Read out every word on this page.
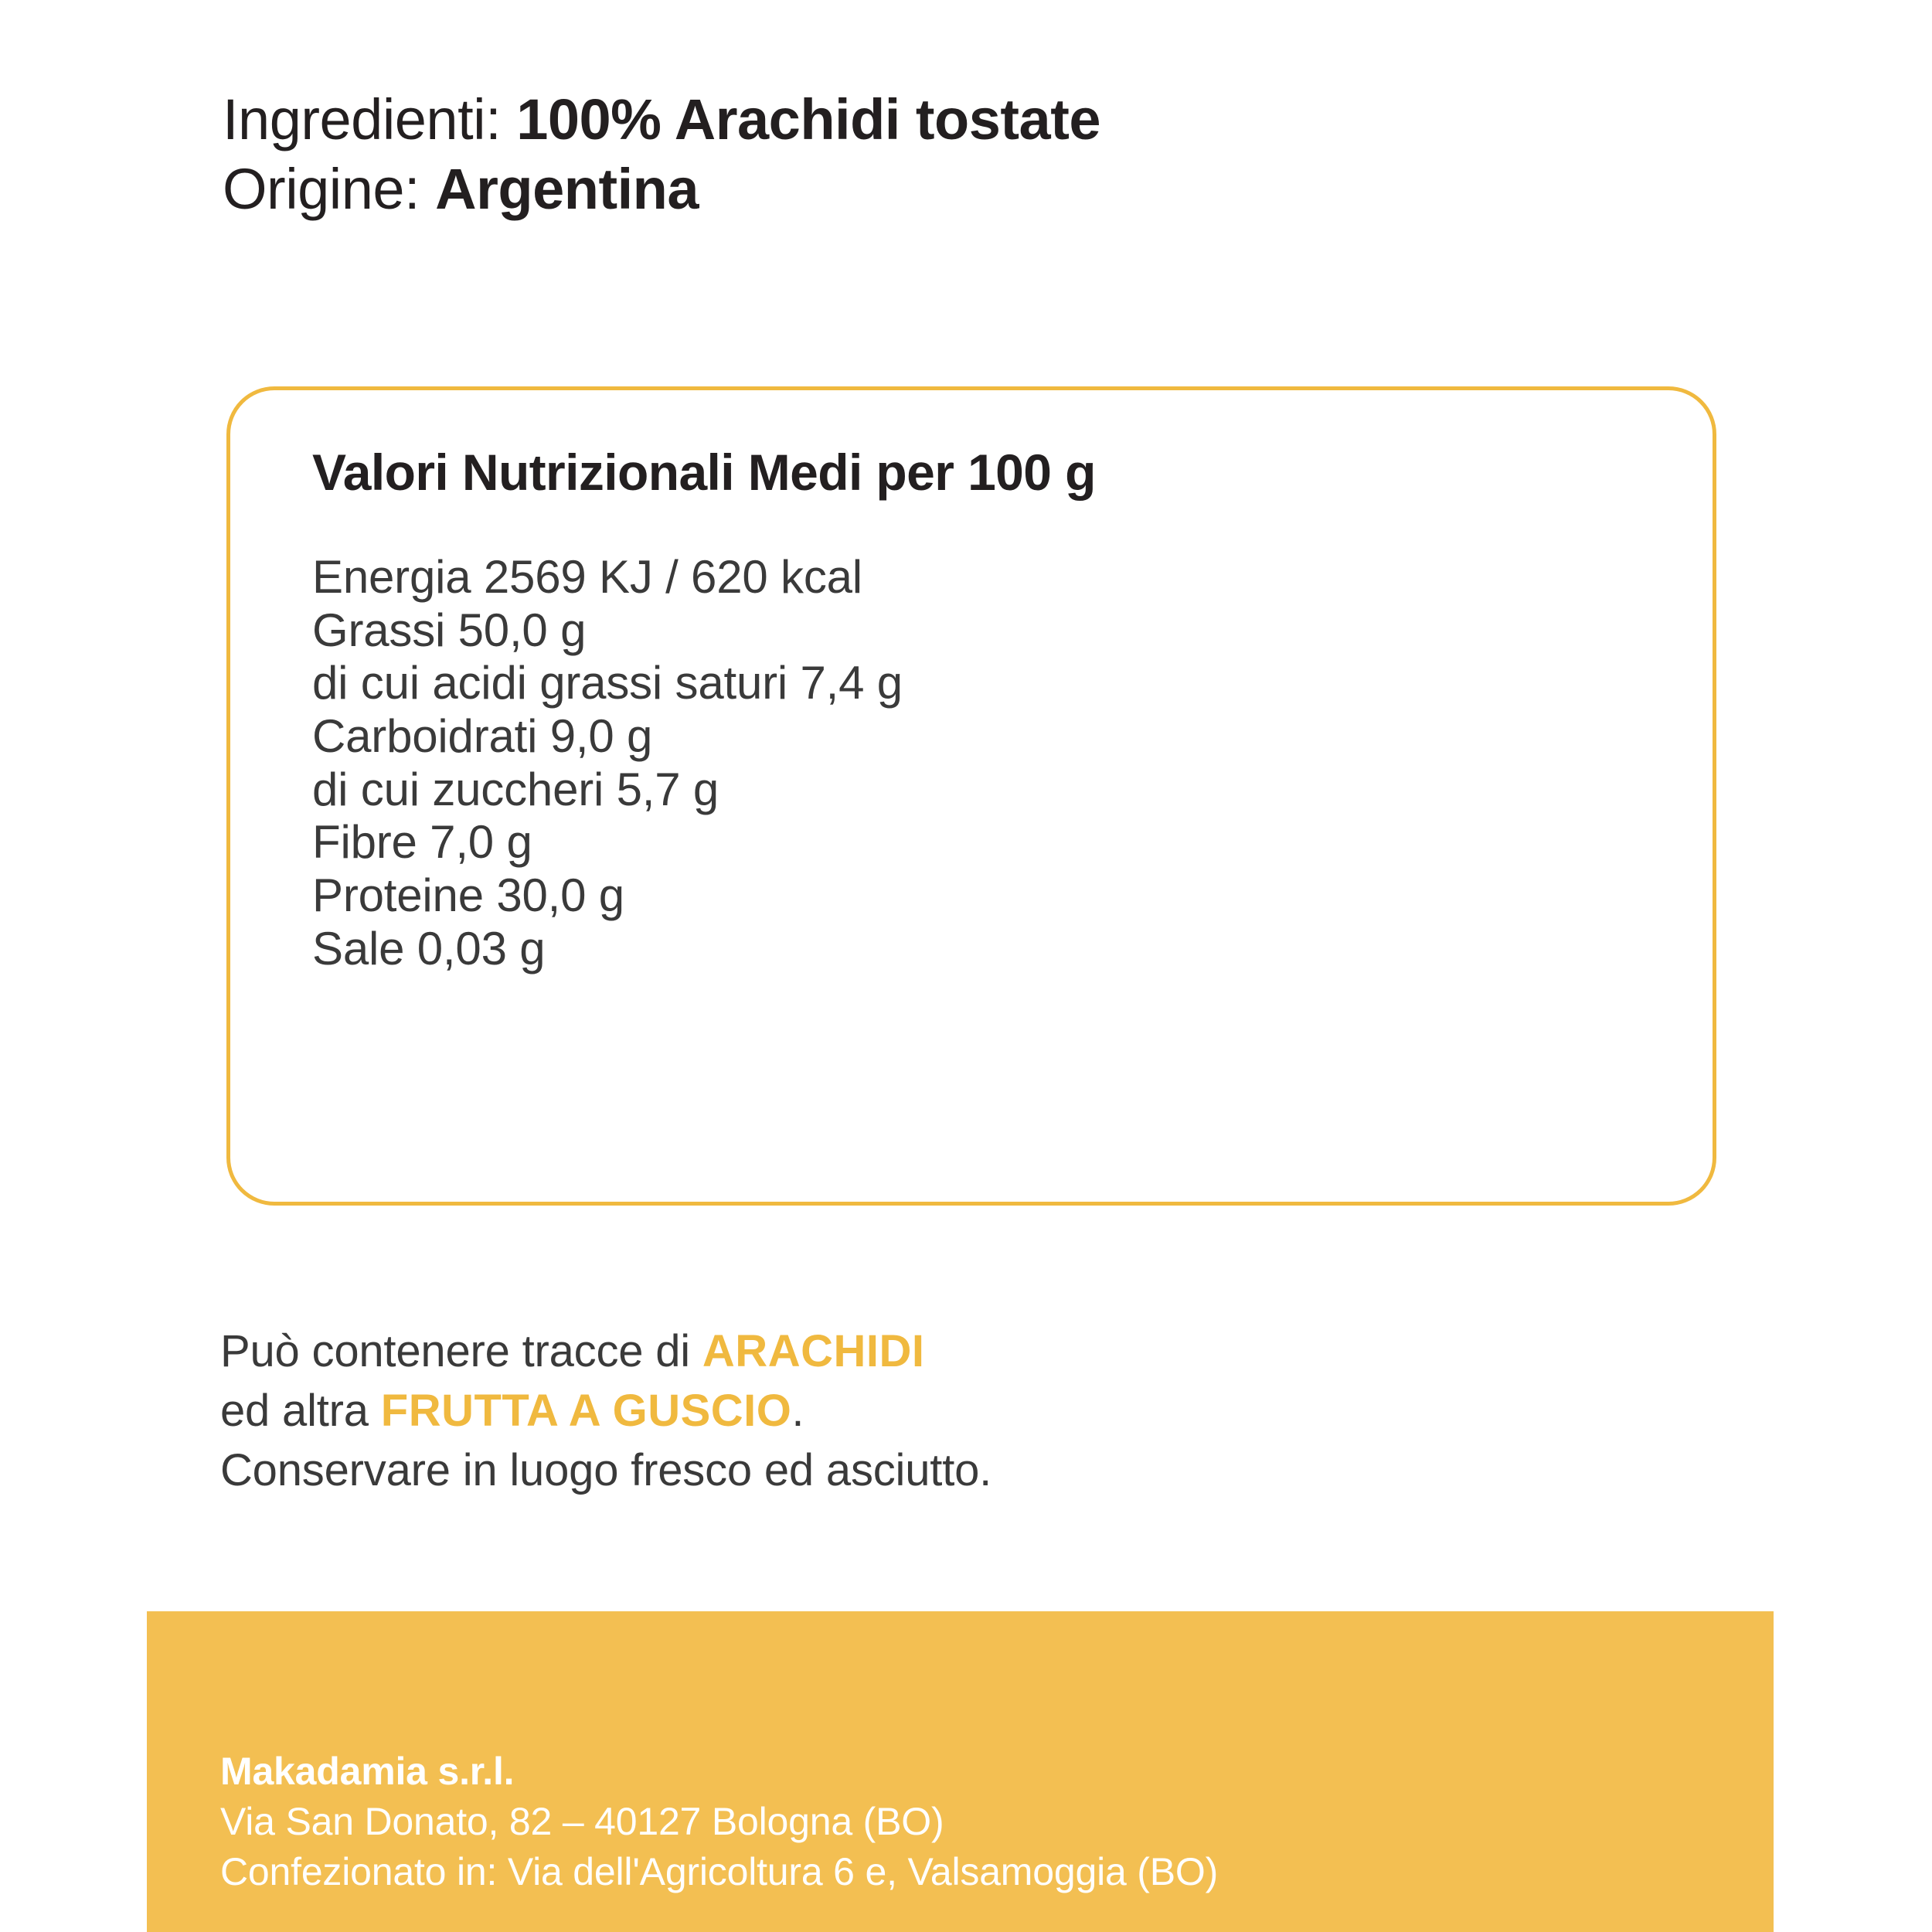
Ingredienti: 100% Arachidi tostate
Origine: Argentina
Valori Nutrizionali Medi per 100 g
Energia 2569 KJ / 620 kcal
Grassi 50,0 g
di cui acidi grassi saturi 7,4 g
Carboidrati 9,0 g
di cui zuccheri 5,7 g
Fibre 7,0 g
Proteine 30,0 g
Sale 0,03 g
Può contenere tracce di ARACHIDI
ed altra FRUTTA A GUSCIO.
Conservare in luogo fresco ed asciutto.
Makadamia s.r.l.
Via San Donato, 82 – 40127 Bologna (BO)
Confezionato in: Via dell'Agricoltura 6 e, Valsamoggia (BO)
